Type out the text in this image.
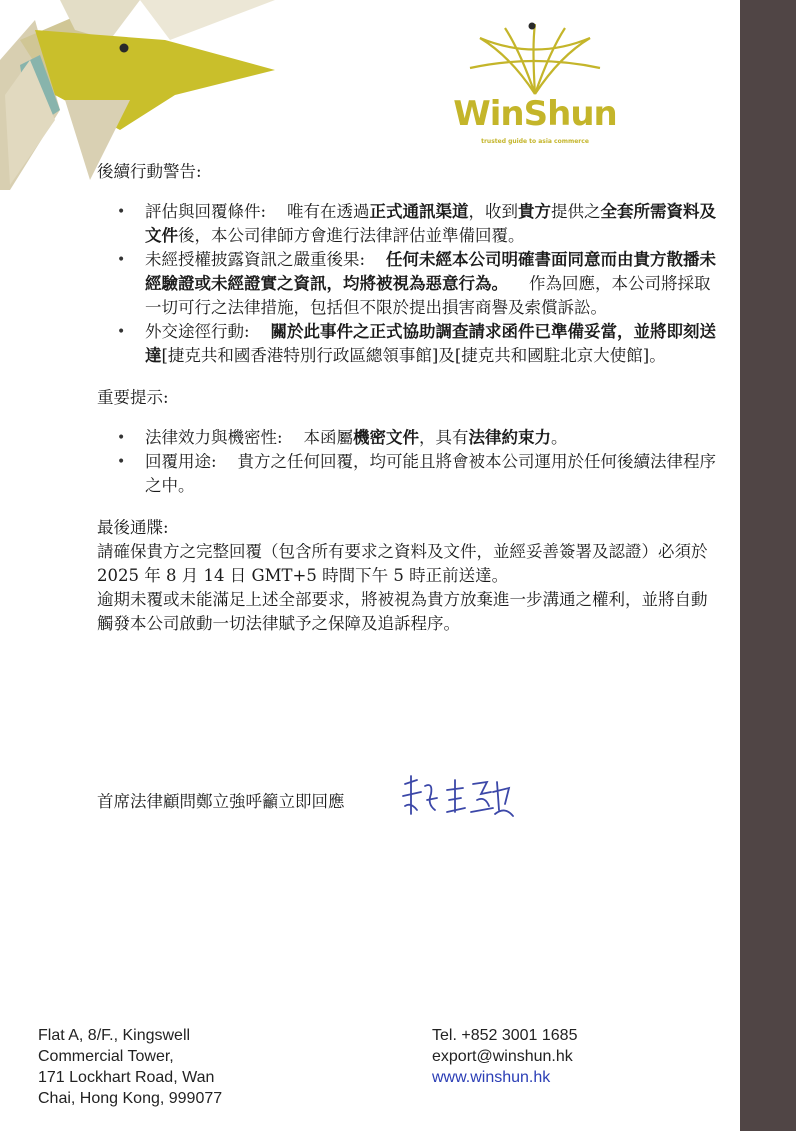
WinShun
trusted guide to asia commerce

後續行動警告:

• 評估與回覆條件: 唯有在透過正式通訊渠道，收到貴方提供之全套所需資料及文件後，本公司律師方會進行法律評估並準備回覆。
• 未經授權披露資訊之嚴重後果: 任何未經本公司明確書面同意而由貴方散播未經驗證或未經證實之資訊，均將被視為惡意行為。 作為回應，本公司將採取一切可行之法律措施，包括但不限於提出損害商譽及索償訴訟。
• 外交途徑行動: 關於此事件之正式協助調查請求函件已準備妥當，並將即刻送達[捷克共和國香港特別行政區總領事館]及[捷克共和國駐北京大使館]。

重要提示:

• 法律效力與機密性: 本函屬機密文件，具有法律約束力。
• 回覆用途: 貴方之任何回覆，均可能且將會被本公司運用於任何後續法律程序之中。

最後通牒:

請確保貴方之完整回覆（包含所有要求之資料及文件，並經妥善簽署及認證）必須於 2025 年 8 月 14 日 GMT+5 時間下午 5 時正前送達。

逾期未覆或未能滿足上述全部要求，將被視為貴方放棄進一步溝通之權利，並將自動觸發本公司啟動一切法律賦予之保障及追訴程序。

首席法律顧問鄭立強呼籲立即回應
Flat A, 8/F., Kingswell
Commercial Tower,
171 Lockhart Road, Wan
Chai, Hong Kong, 999077
Tel. +852 3001 1685
export@winshun.hk
www.winshun.hk
